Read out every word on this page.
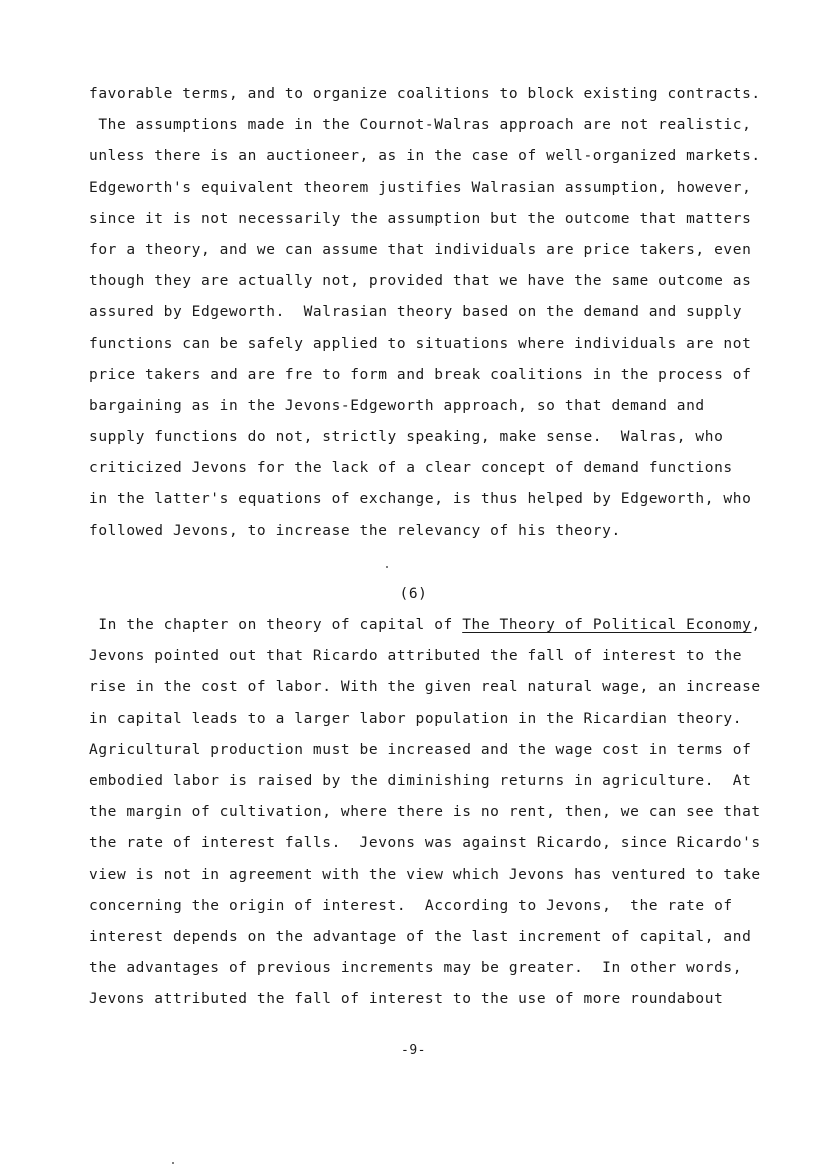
favorable terms, and to organize coalitions to block existing contracts.
The assumptions made in the Cournot-Walras approach are not realistic,
unless there is an auctioneer, as in the case of well-organized markets.
Edgeworth's equivalent theorem justifies Walrasian assumption, however,
since it is not necessarily the assumption but the outcome that matters
for a theory, and we can assume that individuals are price takers, even
though they are actually not, provided that we have the same outcome as
assured by Edgeworth.  Walrasian theory based on the demand and supply
functions can be safely applied to situations where individuals are not
price takers and are fre to form and break coalitions in the process of
bargaining as in the Jevons-Edgeworth approach, so that demand and
supply functions do not, strictly speaking, make sense.  Walras, who
criticized Jevons for the lack of a clear concept of demand functions
in the latter's equations of exchange, is thus helped by Edgeworth, who
followed Jevons, to increase the relevancy of his theory.
(6)
In the chapter on theory of capital of The Theory of Political Economy,
Jevons pointed out that Ricardo attributed the fall of interest to the
rise in the cost of labor. With the given real natural wage, an increase
in capital leads to a larger labor population in the Ricardian theory.
Agricultural production must be increased and the wage cost in terms of
embodied labor is raised by the diminishing returns in agriculture.  At
the margin of cultivation, where there is no rent, then, we can see that
the rate of interest falls.  Jevons was against Ricardo, since Ricardo's
view is not in agreement with the view which Jevons has ventured to take
concerning the origin of interest.  According to Jevons,  the rate of
interest depends on the advantage of the last increment of capital, and
the advantages of previous increments may be greater.  In other words,
Jevons attributed the fall of interest to the use of more roundabout
-9-
